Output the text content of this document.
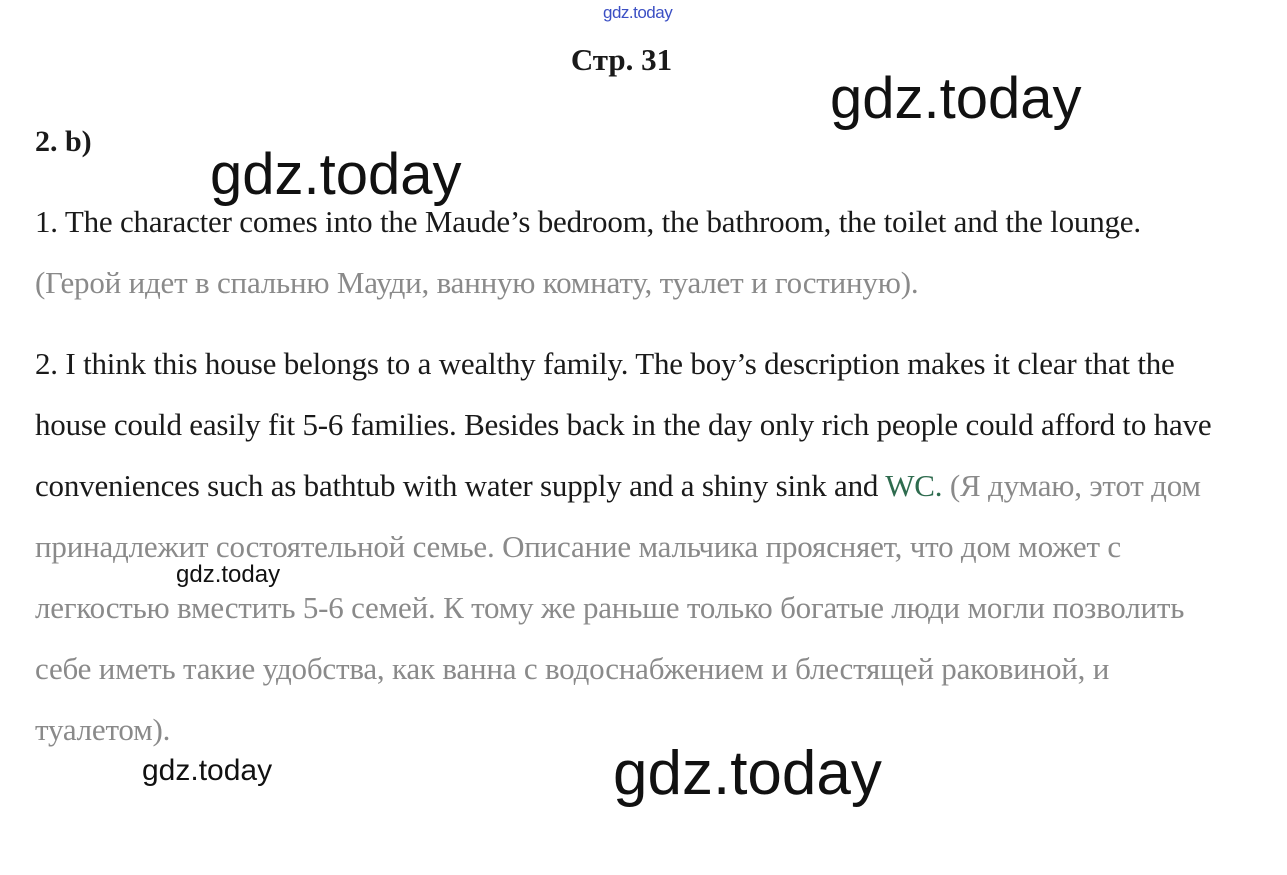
gdz.today
gdz.today
gdz.today
gdz.today
gdz.today	gdz.today
Стр. 31
2. b)
1. The character comes into the Maude’s bedroom, the bathroom, the toilet and the lounge. (Герой идет в спальню Мауди, ванную комнату, туалет и гостиную).
2. I think this house belongs to a wealthy family. The boy’s description makes it clear that the house could easily fit 5-6 families. Besides back in the day only rich people could afford to have conveniences such as bathtub with water supply and a shiny sink and WC. (Я думаю, этот дом принадлежит состоятельной семье. Описание мальчика проясняет, что дом может с легкостью вместить 5-6 семей. К тому же раньше только богатые люди могли позволить себе иметь такие удобства, как ванна с водоснабжением и блестящей раковиной, и туалетом).
